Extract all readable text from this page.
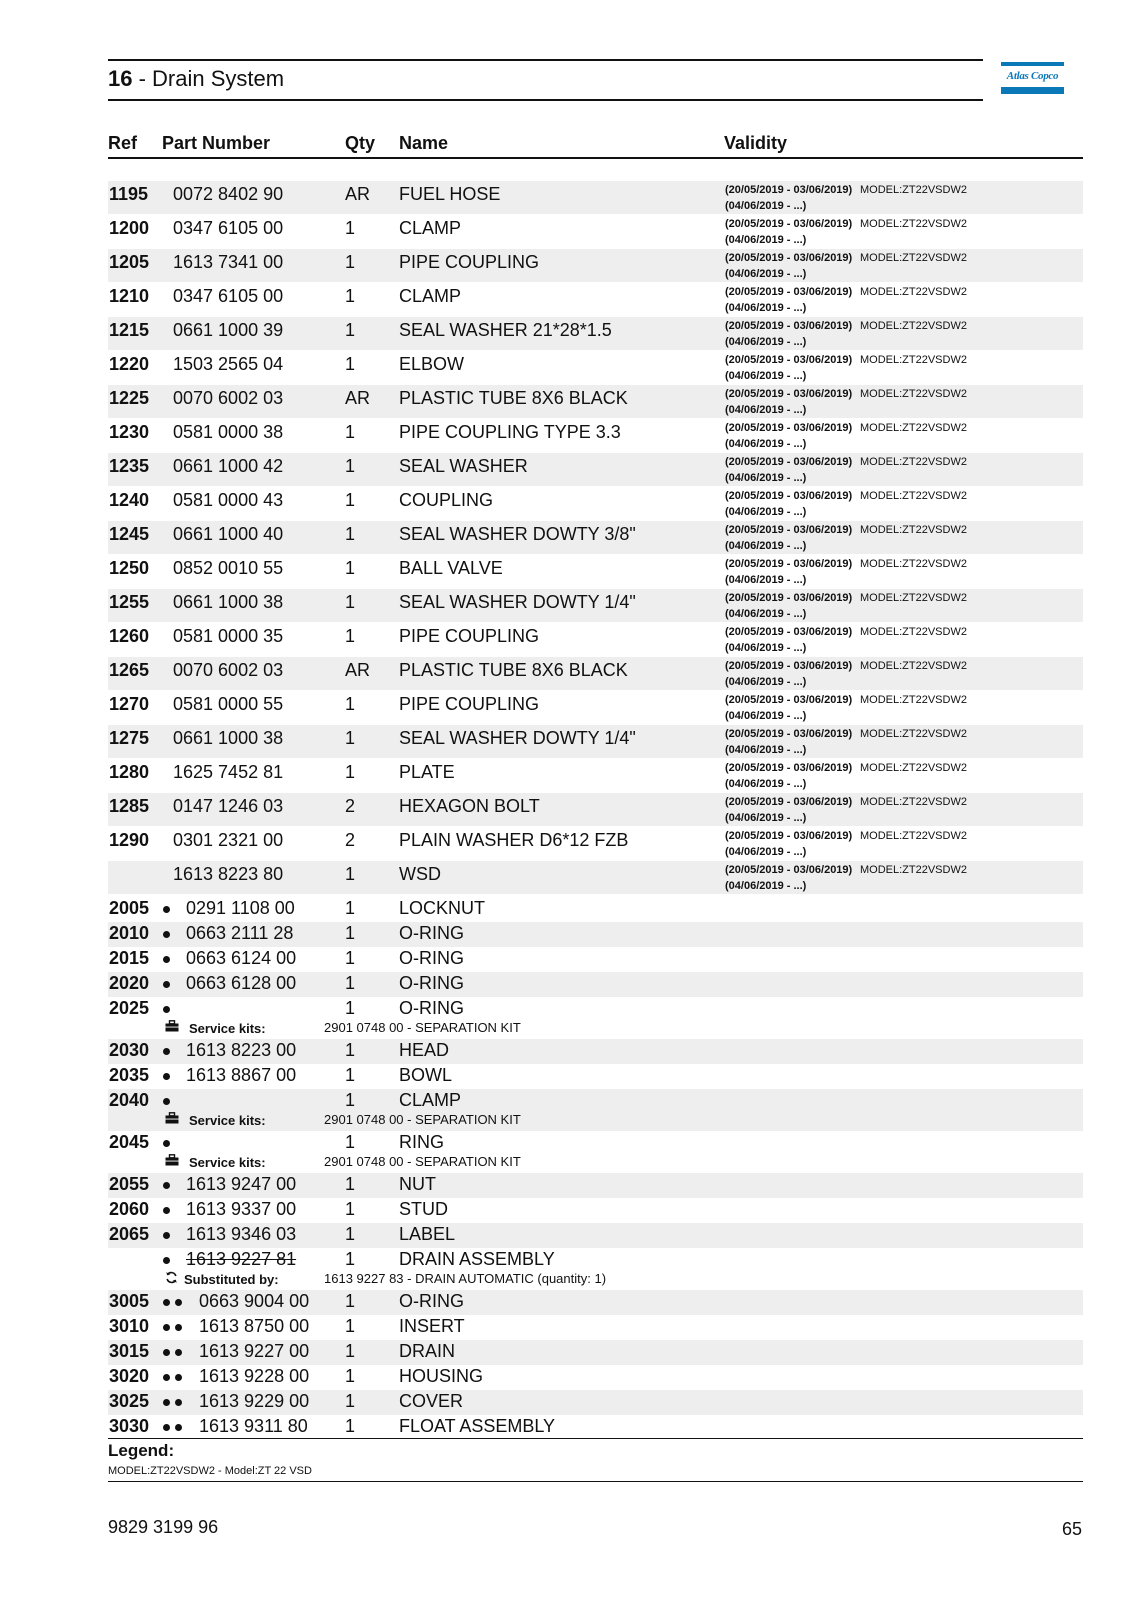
16 - Drain System	Atlas Copco
Ref Part Number	Qty Name	Validity
1195 0072 8402 90	AR FUEL HOSE	(20/05/2019 - 03/06/2019) MODEL:ZT22VSDW2
(04/06/2019 - ...)
1200 0347 6105 00	1 CLAMP	(20/05/2019 - 03/06/2019) MODEL:ZT22VSDW2
(04/06/2019 - ...)
1205 1613 7341 00	1 PIPE COUPLING	(20/05/2019 - 03/06/2019) MODEL:ZT22VSDW2
(04/06/2019 - ...)
1210 0347 6105 00	1 CLAMP	(20/05/2019 - 03/06/2019) MODEL:ZT22VSDW2
(04/06/2019 - ...)
1215 0661 1000 39	1 SEAL WASHER 21*28*1.5	(20/05/2019 - 03/06/2019) MODEL:ZT22VSDW2
(04/06/2019 - ...)
1220 1503 2565 04	1 ELBOW	(20/05/2019 - 03/06/2019) MODEL:ZT22VSDW2
(04/06/2019 - ...)
1225 0070 6002 03	AR PLASTIC TUBE 8X6 BLACK	(20/05/2019 - 03/06/2019) MODEL:ZT22VSDW2
(04/06/2019 - ...)
1230 0581 0000 38	1 PIPE COUPLING TYPE 3.3	(20/05/2019 - 03/06/2019) MODEL:ZT22VSDW2
(04/06/2019 - ...)
1235 0661 1000 42	1 SEAL WASHER	(20/05/2019 - 03/06/2019) MODEL:ZT22VSDW2
(04/06/2019 - ...)
1240 0581 0000 43	1 COUPLING	(20/05/2019 - 03/06/2019) MODEL:ZT22VSDW2
(04/06/2019 - ...)
1245 0661 1000 40	1 SEAL WASHER DOWTY 3/8"	(20/05/2019 - 03/06/2019) MODEL:ZT22VSDW2
(04/06/2019 - ...)
1250 0852 0010 55	1 BALL VALVE	(20/05/2019 - 03/06/2019) MODEL:ZT22VSDW2
(04/06/2019 - ...)
1255 0661 1000 38	1 SEAL WASHER DOWTY 1/4"	(20/05/2019 - 03/06/2019) MODEL:ZT22VSDW2
(04/06/2019 - ...)
1260 0581 0000 35	1 PIPE COUPLING	(20/05/2019 - 03/06/2019) MODEL:ZT22VSDW2
(04/06/2019 - ...)
1265 0070 6002 03	AR PLASTIC TUBE 8X6 BLACK	(20/05/2019 - 03/06/2019) MODEL:ZT22VSDW2
(04/06/2019 - ...)
1270 0581 0000 55	1 PIPE COUPLING	(20/05/2019 - 03/06/2019) MODEL:ZT22VSDW2
(04/06/2019 - ...)
1275 0661 1000 38	1 SEAL WASHER DOWTY 1/4"	(20/05/2019 - 03/06/2019) MODEL:ZT22VSDW2
(04/06/2019 - ...)
1280 1625 7452 81	1 PLATE	(20/05/2019 - 03/06/2019) MODEL:ZT22VSDW2
(04/06/2019 - ...)
1285 0147 1246 03	2 HEXAGON BOLT	(20/05/2019 - 03/06/2019) MODEL:ZT22VSDW2
(04/06/2019 - ...)
1290 0301 2321 00	2 PLAIN WASHER D6*12 FZB	(20/05/2019 - 03/06/2019) MODEL:ZT22VSDW2
(04/06/2019 - ...)
1613 8223 80	1 WSD	(20/05/2019 - 03/06/2019) MODEL:ZT22VSDW2
(04/06/2019 - ...)
2005 0291 1108 00	1 LOCKNUT
2010 0663 2111 28	1 O-RING
2015 0663 6124 00	1 O-RING
2020 0663 6128 00	1 O-RING
2025	1 O-RING
Service kits:	2901 0748 00 - SEPARATION KIT
2030 1613 8223 00	1 HEAD
2035 1613 8867 00	1 BOWL
2040	1 CLAMP
Service kits:	2901 0748 00 - SEPARATION KIT
2045	1 RING
Service kits:	2901 0748 00 - SEPARATION KIT
2055 1613 9247 00	1 NUT
2060 1613 9337 00	1 STUD
2065 1613 9346 03	1 LABEL
1613 9227 81	1 DRAIN ASSEMBLY
Substituted by:	1613 9227 83 - DRAIN AUTOMATIC (quantity: 1)
3005	0663 9004 00 1 O-RING
3010	1613 8750 00 1 INSERT
3015	1613 9227 00 1 DRAIN
3020	1613 9228 00 1 HOUSING
3025	1613 9229 00 1 COVER
3030	1613 9311 80 1 FLOAT ASSEMBLY
Legend:
MODEL:ZT22VSDW2 - Model:ZT 22 VSD
9829 3199 96	65
